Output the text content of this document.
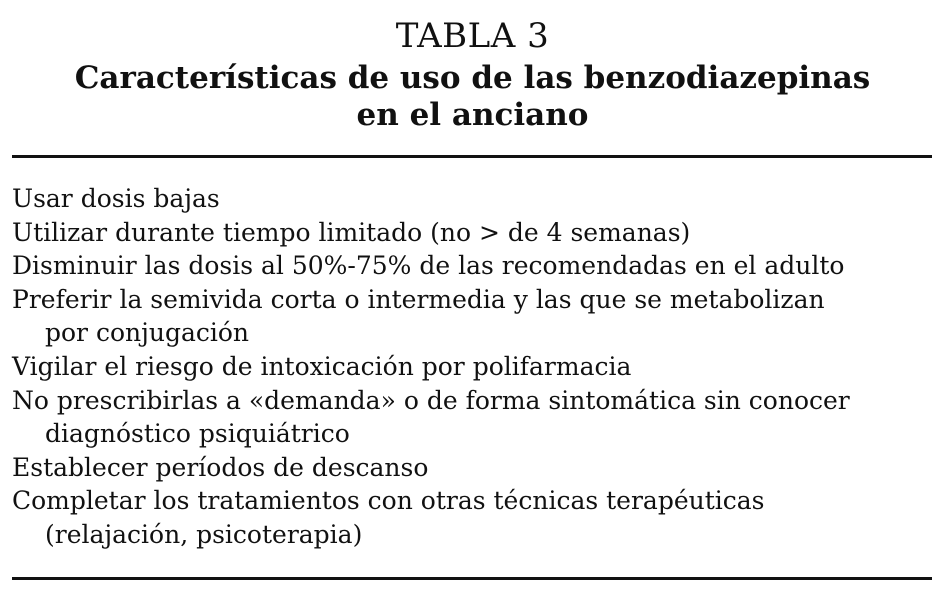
TABLA 3
Características de uso de las benzodiazepinas
en el anciano
Usar dosis bajas
Utilizar durante tiempo limitado (no > de 4 semanas)
Disminuir las dosis al 50%-75% de las recomendadas en el adulto
Preferir la semivida corta o intermedia y las que se metabolizan
por conjugación
Vigilar el riesgo de intoxicación por polifarmacia
No prescribirlas a «demanda» o de forma sintomática sin conocer
diagnóstico psiquiátrico
Establecer períodos de descanso
Completar los tratamientos con otras técnicas terapéuticas
(relajación, psicoterapia)
